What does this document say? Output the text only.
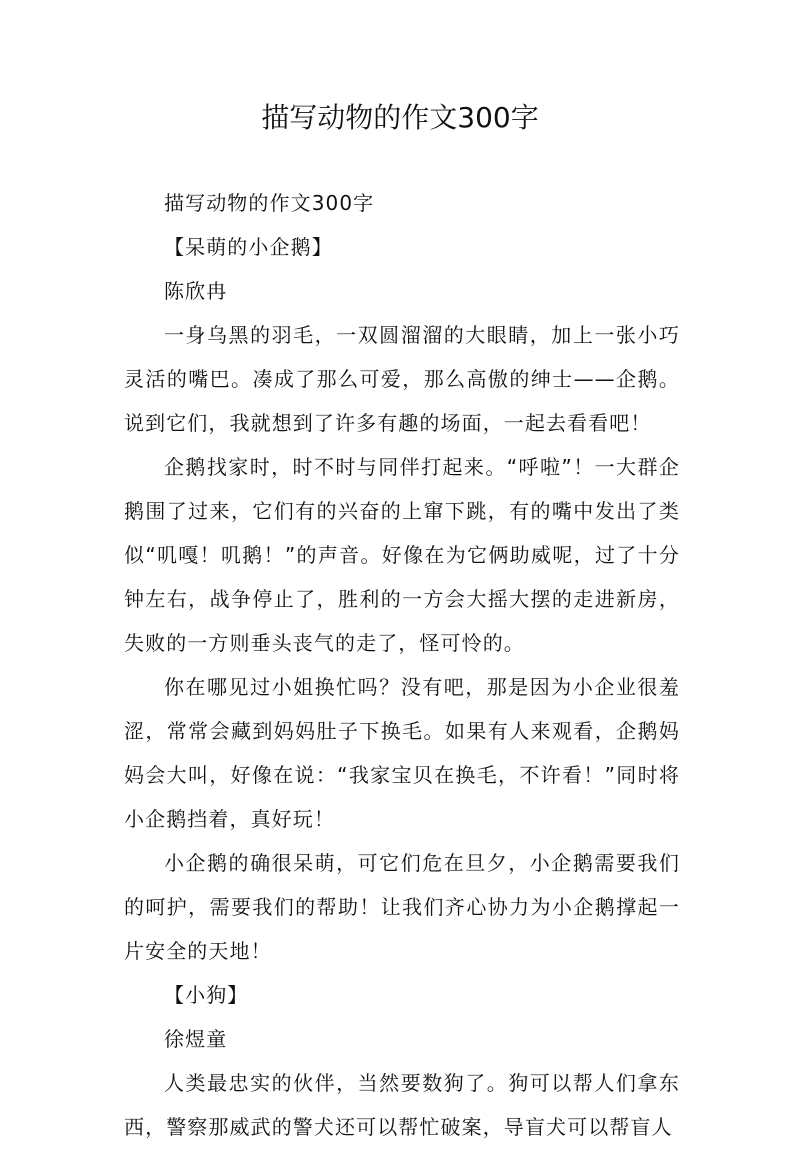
描写动物的作文300字

描写动物的作文300字

【呆萌的小企鹅】

陈欣冉

一身乌黑的羽毛，一双圆溜溜的大眼睛，加上一张小巧灵活的嘴巴。凑成了那么可爱，那么高傲的绅士——企鹅。说到它们，我就想到了许多有趣的场面，一起去看看吧！

企鹅找家时，时不时与同伴打起来。“呼啦”！一大群企鹅围了过来，它们有的兴奋的上窜下跳，有的嘴中发出了类似“叽嘎！叽鹅！”的声音。好像在为它俩助威呢，过了十分钟左右，战争停止了，胜利的一方会大摇大摆的走进新房，失败的一方则垂头丧气的走了，怪可怜的。

你在哪见过小姐换忙吗？没有吧，那是因为小企业很羞涩，常常会藏到妈妈肚子下换毛。如果有人来观看，企鹅妈妈会大叫，好像在说：“我家宝贝在换毛，不许看！”同时将小企鹅挡着，真好玩！

小企鹅的确很呆萌，可它们危在旦夕，小企鹅需要我们的呵护，需要我们的帮助！让我们齐心协力为小企鹅撑起一片安全的天地！

【小狗】

徐煜童

人类最忠实的伙伴，当然要数狗了。狗可以帮人们拿东西，警察那威武的警犬还可以帮忙破案，导盲犬可以帮盲人
